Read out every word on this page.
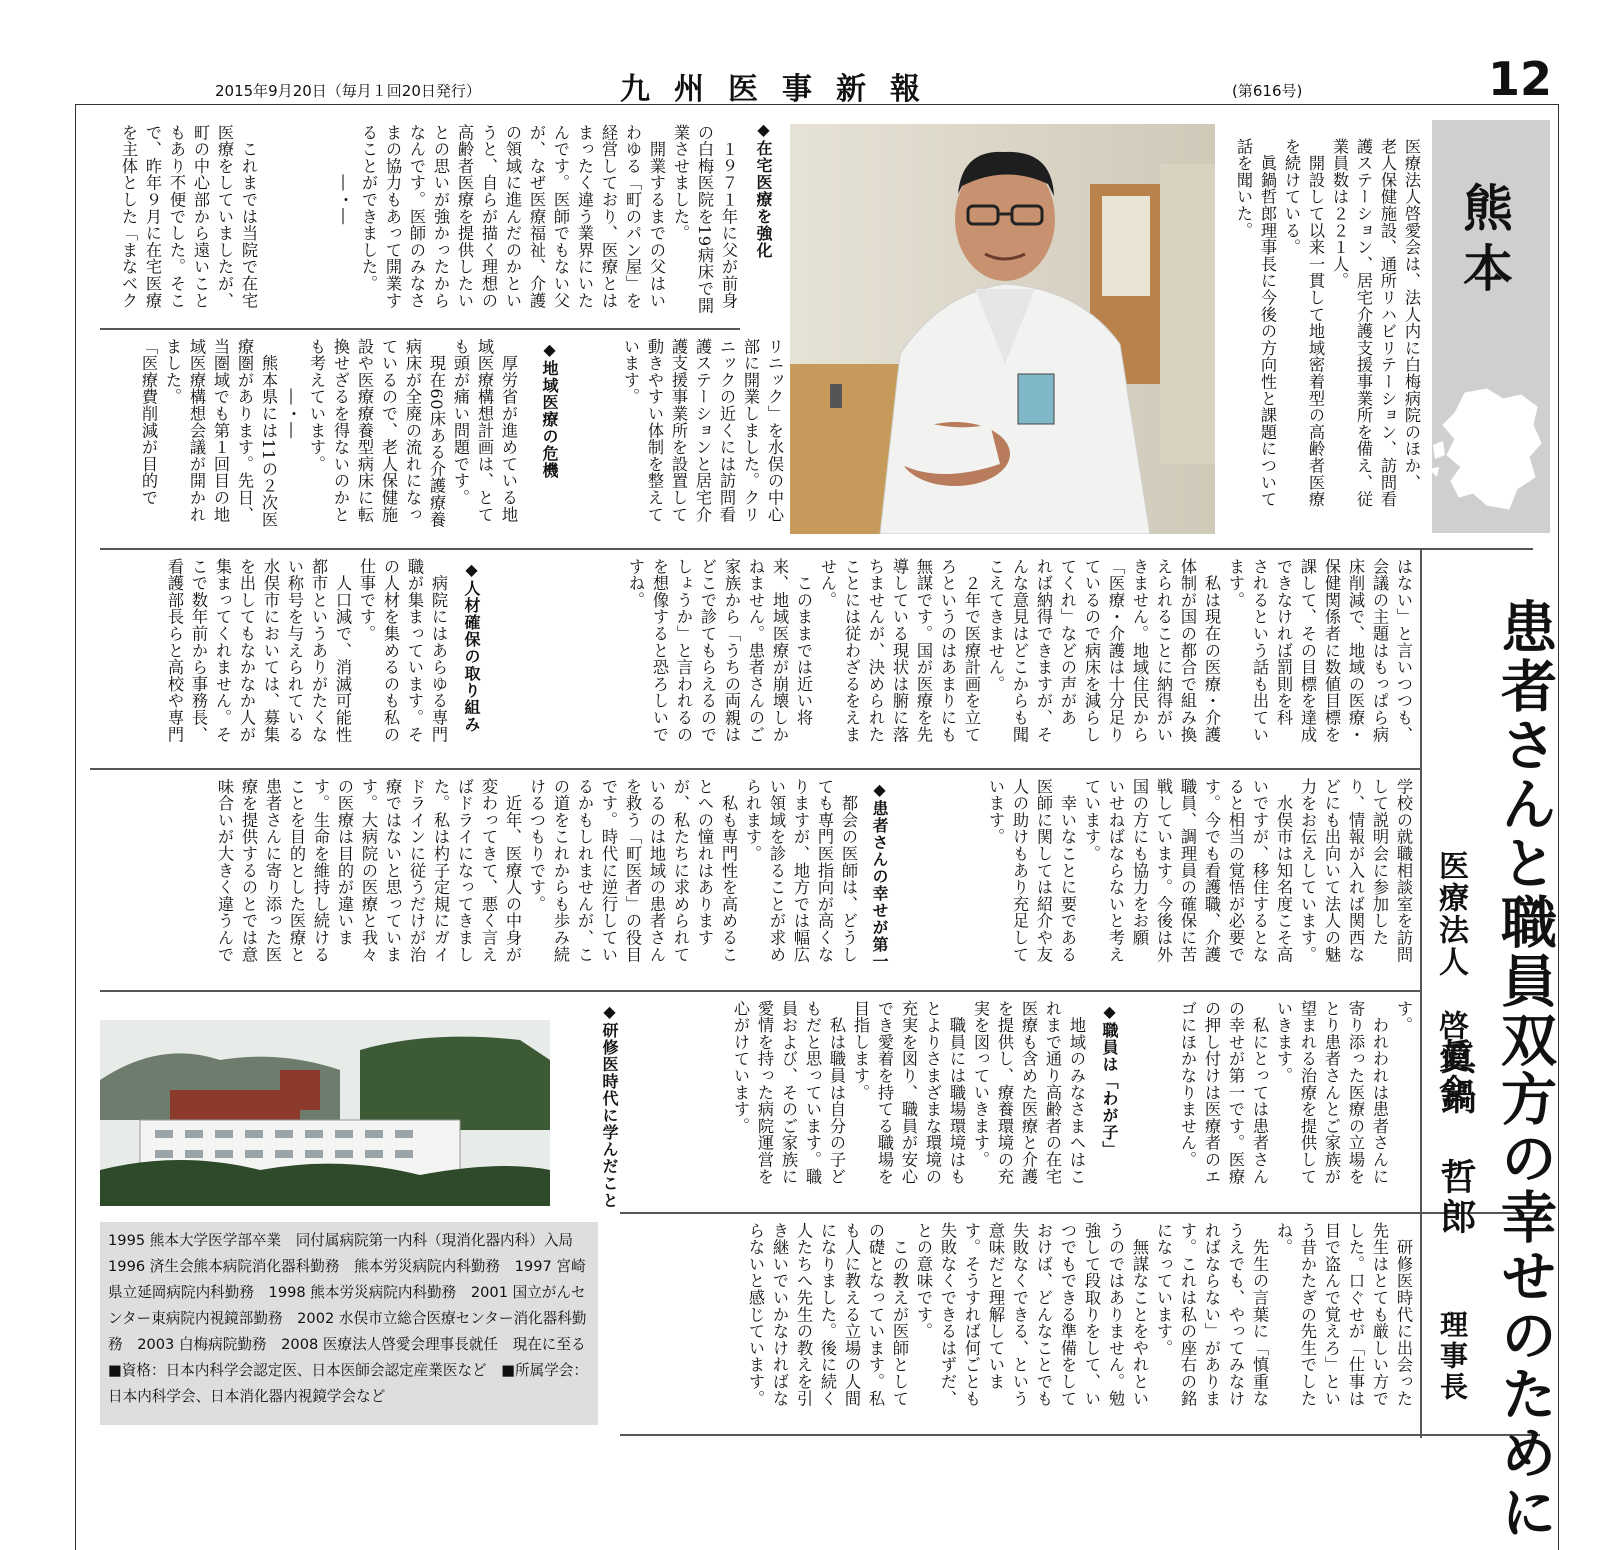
2015年9月20日（毎月１回20日発行）	九州医事新報	(第616号)	12
熊本
医療法人啓愛会は、法人内に白梅病院のほか、
老人保健施設、通所リハビリテーション、訪問看
護ステーション、居宅介護支援事業所を備え、従
業員数は２２１人。
　開設して以来一貫して地域密着型の高齢者医療
を続けている。
　眞鍋哲郎理事長に今後の方向性と課題について
話を聞いた。
◆在宅医療を強化
　１９７１年に父が前身
の白梅医院を19病床で開
業させました。
　開業するまでの父はい
わゆる「町のパン屋」を
経営しており、医療とは
まったく違う業界にいた
んです。医師でもない父
が、なぜ医療福祉、介護
の領域に進んだのかとい
うと、自らが描く理想の
高齢者医療を提供したい
との思いが強かったから
なんです。医師のみなさ
まの協力もあって開業す
ることができました。
　　　―・―
　これまでは当院で在宅
医療をしていましたが、
町の中心部から遠いこと
もあり不便でした。そこ
で、昨年９月に在宅医療
を主体とした「まなベク
リニック」を水俣の中心
部に開業しました。クリ
ニックの近くには訪問看
護ステーションと居宅介
護支援事業所を設置して
動きやすい体制を整えて
います。
◆地域医療の危機
　厚労省が進めている地
域医療構想計画は、とて
も頭が痛い問題です。
　現在60床ある介護療養
病床が全廃の流れになっ
ているので、老人保健施
設や医療療養型病床に転
換せざるを得ないのかと
も考えています。
　　　―・―
　熊本県には11の２次医
療圏があります。先日、
当圏域でも第１回目の地
域医療構想会議が開かれ
ました。
「医療費削減が目的で
はない」と言いつつも、
会議の主題はもっぱら病
床削減で、地域の医療・
保健関係者に数値目標を
課して、その目標を達成
できなければ罰則を科
されるという話も出てい
ます。
　私は現在の医療・介護
体制が国の都合で組み換
えられることに納得がい
きません。地域住民から
「医療・介護は十分足り
ているので病床を減らし
てくれ」などの声があ
れば納得できますが、そ
んな意見はどこからも聞
こえてきません。
　２年で医療計画を立て
ろというのはあまりにも
無謀です。国が医療を先
導している現状は腑に落
ちませんが、決められた
ことには従わざるをえま
せん。
　このままでは近い将
来、地域医療が崩壊しか
ねません。患者さんのご
家族から「うちの両親は
どこで診てもらえるので
しょうか」と言われるの
を想像すると恐ろしいで
すね。
◆人材確保の取り組み
　病院にはあらゆる専門
職が集まっています。そ
の人材を集めるのも私の
仕事です。
　人口減で、消滅可能性
都市というありがたくな
い称号を与えられている
水俣市においては、募集
を出してもなかなか人が
集まってくれません。そ
こで数年前から事務長、
看護部長らと高校や専門
学校の就職相談室を訪問
して説明会に参加した
り、情報が入れば関西な
どにも出向いて法人の魅
力をお伝えしています。
　水俣市は知名度こそ高
いですが、移住するとな
ると相当の覚悟が必要で
す。今でも看護職、介護
職員、調理員の確保に苦
戦しています。今後は外
国の方にも協力をお願
いせねばならないと考え
ています。
　幸いなことに要である
医師に関しては紹介や友
人の助けもあり充足して
います。
◆患者さんの幸せが第一
　都会の医師は、どうし
ても専門医指向が高くな
りますが、地方では幅広
い領域を診ることが求め
られます。
　私も専門性を高めるこ
とへの憧れはあります
が、私たちに求められて
いるのは地域の患者さん
を救う「町医者」の役目
です。時代に逆行してい
るかもしれませんが、こ
の道をこれからも歩み続
けるつもりです。
　近年、医療人の中身が
変わってきて、悪く言え
ばドライになってきまし
た。私は杓子定規にガイ
ドラインに従うだけが治
療ではないと思っていま
す。大病院の医療と我々
の医療は目的が違いま
す。生命を維持し続ける
ことを目的とした医療と
患者さんに寄り添った医
療を提供するのとでは意
味合いが大きく違うんで
す。
　われわれは患者さんに
寄り添った医療の立場を
とり患者さんとご家族が
望まれる治療を提供して
いきます。
　私にとっては患者さん
の幸せが第一です。医療
の押し付けは医療者のエ
ゴにほかなりません。
◆職員は「わが子」
　地域のみなさまへはこ
れまで通り高齢者の在宅
医療も含めた医療と介護
を提供し、療養環境の充
実を図っていきます。
　職員には職場環境はも
とよりさまざまな環境の
充実を図り、職員が安心
でき愛着を持てる職場を
目指します。
　私は職員は自分の子ど
もだと思っています。職
員および、そのご家族に
愛情を持った病院運営を
心がけています。
◆研修医時代に学んだこと
　研修医時代に出会った
先生はとても厳しい方で
した。口ぐせが「仕事は
目で盗んで覚えろ」とい
う昔かたぎの先生でした
ね。
　先生の言葉に「慎重な
うえでも、やってみなけ
ればならない」がありま
す。これは私の座右の銘
になっています。
　無謀なことをやれとい
うのではありません。勉
強して段取りをして、い
つでもできる準備をして
おけば、どんなことでも
失敗なくできる、という
意味だと理解していま
す。そうすれば何ごとも
失敗なくできるはずだ、
との意味です。
　この教えが医師として
の礎となっています。私
も人に教える立場の人間
になりました。後に続く
人たちへ先生の教えを引
き継いでいかなければな
らないと感じています。
1995 熊本大学医学部卒業　同付属病院第一内科（現消化器内科）入局　1996 済生会熊本病院消化器科勤務　熊本労災病院内科勤務　1997 宮崎県立延岡病院内科勤務　1998 熊本労災病院内科勤務　2001 国立がんセンター東病院内視鏡部勤務　2002 水俣市立総合医療センター消化器科勤務　2003 白梅病院勤務　2008 医療法人啓愛会理事長就任　現在に至る　■資格：日本内科学会認定医、日本医師会認定産業医など　■所属学会：日本内科学会、日本消化器内視鏡学会など	患者さんと職員双方の幸せのために
医療法人　啓愛会
眞鍋　哲郎
理事長
